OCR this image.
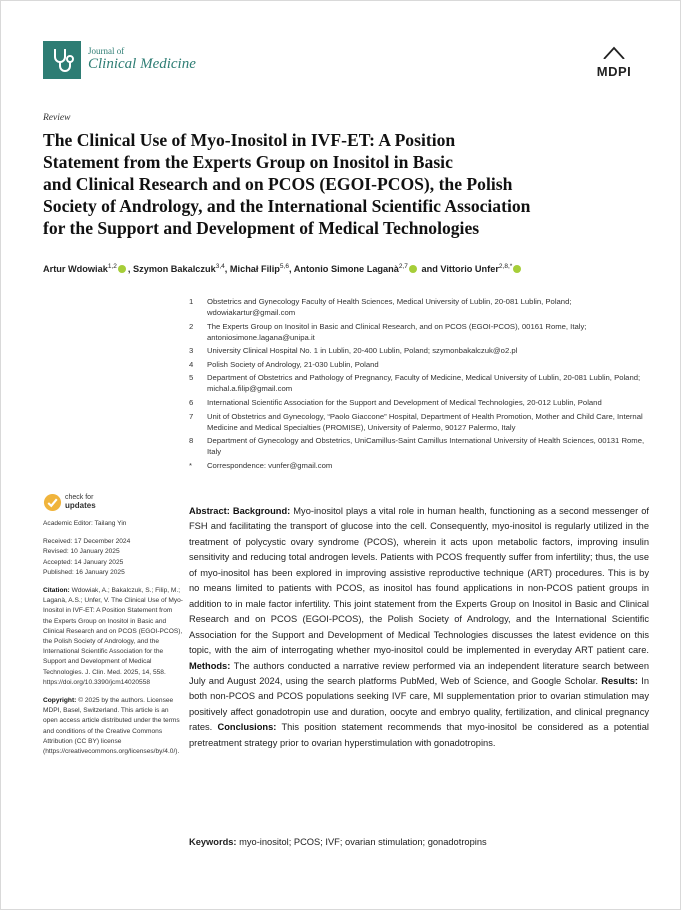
Journal of
Clinical Medicine	MDPI
Review
The Clinical Use of Myo-Inositol in IVF-ET: A Position
Statement from the Experts Group on Inositol in Basic
and Clinical Research and on PCOS (EGOI-PCOS), the Polish
Society of Andrology, and the International Scientific Association
for the Support and Development of Medical Technologies
Artur Wdowiak$^{1,2}$ , Szymon Bakalczuk$^{3,4}$, Michał Filip$^{5,6}$, Antonio Simone Laganà$^{2,7}$ and Vittorio Unfer$^{2,8,*}$
1	Obstetrics and Gynecology Faculty of Health Sciences, Medical University of Lublin, 20-081 Lublin, Poland; wdowiakartur@gmail.com
2	The Experts Group on Inositol in Basic and Clinical Research, and on PCOS (EGOI-PCOS), 00161 Rome, Italy; antoniosimone.lagana@unipa.it
3	University Clinical Hospital No. 1 in Lublin, 20-400 Lublin, Poland; szymonbakalczuk@o2.pl
4	Polish Society of Andrology, 21-030 Lublin, Poland
5	Department of Obstetrics and Pathology of Pregnancy, Faculty of Medicine, Medical University of Lublin, 20-081 Lublin, Poland; michal.a.filip@gmail.com
6	International Scientific Association for the Support and Development of Medical Technologies, 20-012 Lublin, Poland
7	Unit of Obstetrics and Gynecology, “Paolo Giaccone” Hospital, Department of Health Promotion, Mother and Child Care, Internal Medicine and Medical Specialties (PROMISE), University of Palermo, 90127 Palermo, Italy
8	Department of Gynecology and Obstetrics, UniCamillus-Saint Camillus International University of Health Sciences, 00131 Rome, Italy
*	Correspondence: vunfer@gmail.com
check for
updates
Academic Editor: Tailang Yin
Received: 17 December 2024
Revised: 10 January 2025
Accepted: 14 January 2025
Published: 16 January 2025
Citation: Wdowiak, A.; Bakalczuk, S.; Filip, M.; Laganà, A.S.; Unfer, V. The Clinical Use of Myo-Inositol in IVF-ET: A Position Statement from the Experts Group on Inositol in Basic and Clinical Research and on PCOS (EGOI-PCOS), the Polish Society of Andrology, and the International Scientific Association for the Support and Development of Medical Technologies. J. Clin. Med. 2025, 14, 558. https://doi.org/10.3390/jcm14020558
Copyright: © 2025 by the authors. Licensee MDPI, Basel, Switzerland. This article is an open access article distributed under the terms and conditions of the Creative Commons Attribution (CC BY) license (https://creativecommons.org/licenses/by/4.0/).
Abstract: Background: Myo-inositol plays a vital role in human health, functioning as a second messenger of FSH and facilitating the transport of glucose into the cell. Consequently, myo-inositol is regularly utilized in the treatment of polycystic ovary syndrome (PCOS), wherein it acts upon metabolic factors, improving insulin sensitivity and reducing total androgen levels. Patients with PCOS frequently suffer from infertility; thus, the use of myo-inositol has been explored in improving assistive reproductive technique (ART) procedures. This is by no means limited to patients with PCOS, as inositol has found applications in non-PCOS patient groups in addition to in male factor infertility. This joint statement from the Experts Group on Inositol in Basic and Clinical Research and on PCOS (EGOI-PCOS), the Polish Society of Andrology, and the International Scientific Association for the Support and Development of Medical Technologies discusses the latest evidence on this topic, with the aim of interrogating whether myo-inositol could be implemented in everyday ART patient care. Methods: The authors conducted a narrative review performed via an independent literature search between July and August 2024, using the search platforms PubMed, Web of Science, and Google Scholar. Results: In both non-PCOS and PCOS populations seeking IVF care, MI supplementation prior to ovarian stimulation may positively affect gonadotropin use and duration, oocyte and embryo quality, fertilization, and clinical pregnancy rates. Conclusions: This position statement recommends that myo-inositol be considered as a potential pretreatment strategy prior to ovarian hyperstimulation with gonadotropins.
Keywords: myo-inositol; PCOS; IVF; ovarian stimulation; gonadotropins
